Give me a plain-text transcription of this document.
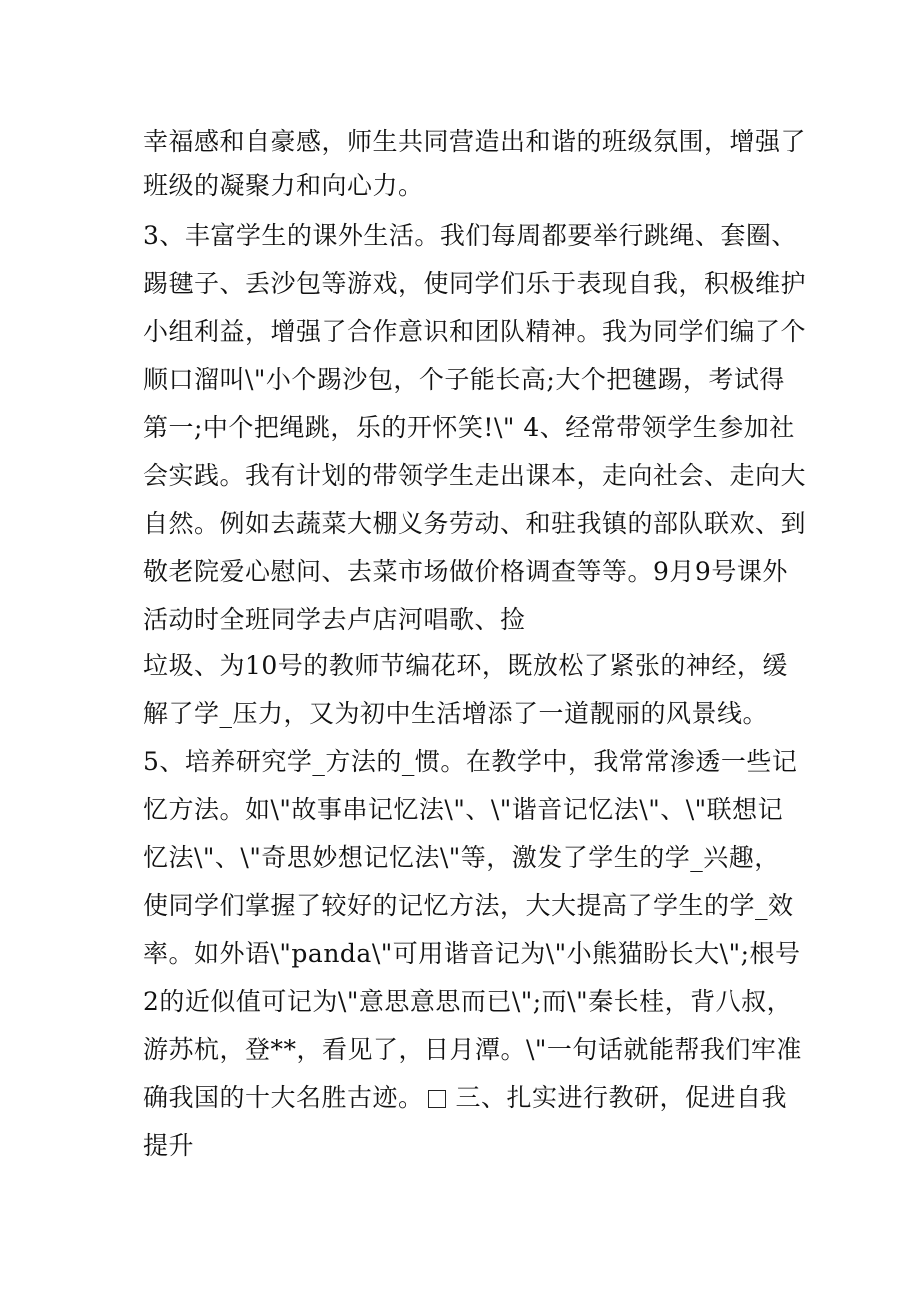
幸福感和自豪感，师生共同营造出和谐的班级氛围，增强了
班级的凝聚力和向心力。
3、丰富学生的课外生活。我们每周都要举行跳绳、套圈、
踢毽子、丢沙包等游戏，使同学们乐于表现自我，积极维护
小组利益，增强了合作意识和团队精神。我为同学们编了个
顺口溜叫\"小个踢沙包，个子能长高;大个把毽踢，考试得
第一;中个把绳跳，乐的开怀笑!\" 4、经常带领学生参加社
会实践。我有计划的带领学生走出课本，走向社会、走向大
自然。例如去蔬菜大棚义务劳动、和驻我镇的部队联欢、到
敬老院爱心慰问、去菜市场做价格调查等等。9月9号课外
活动时全班同学去卢店河唱歌、捡
垃圾、为10号的教师节编花环，既放松了紧张的神经，缓
解了学_压力，又为初中生活增添了一道靓丽的风景线。
5、培养研究学_方法的_惯。在教学中，我常常渗透一些记
忆方法。如\"故事串记忆法\"、\"谐音记忆法\"、\"联想记
忆法\"、\"奇思妙想记忆法\"等，激发了学生的学_兴趣，
使同学们掌握了较好的记忆方法，大大提高了学生的学_效
率。如外语\"panda\"可用谐音记为\"小熊猫盼长大\";根号
2的近似值可记为\"意思意思而已\";而\"秦长桂，背八叔，
游苏杭，登**，看见了，日月潭。\"一句话就能帮我们牢准
确我国的十大名胜古迹。 三、扎实进行教研，促进自我
提升
